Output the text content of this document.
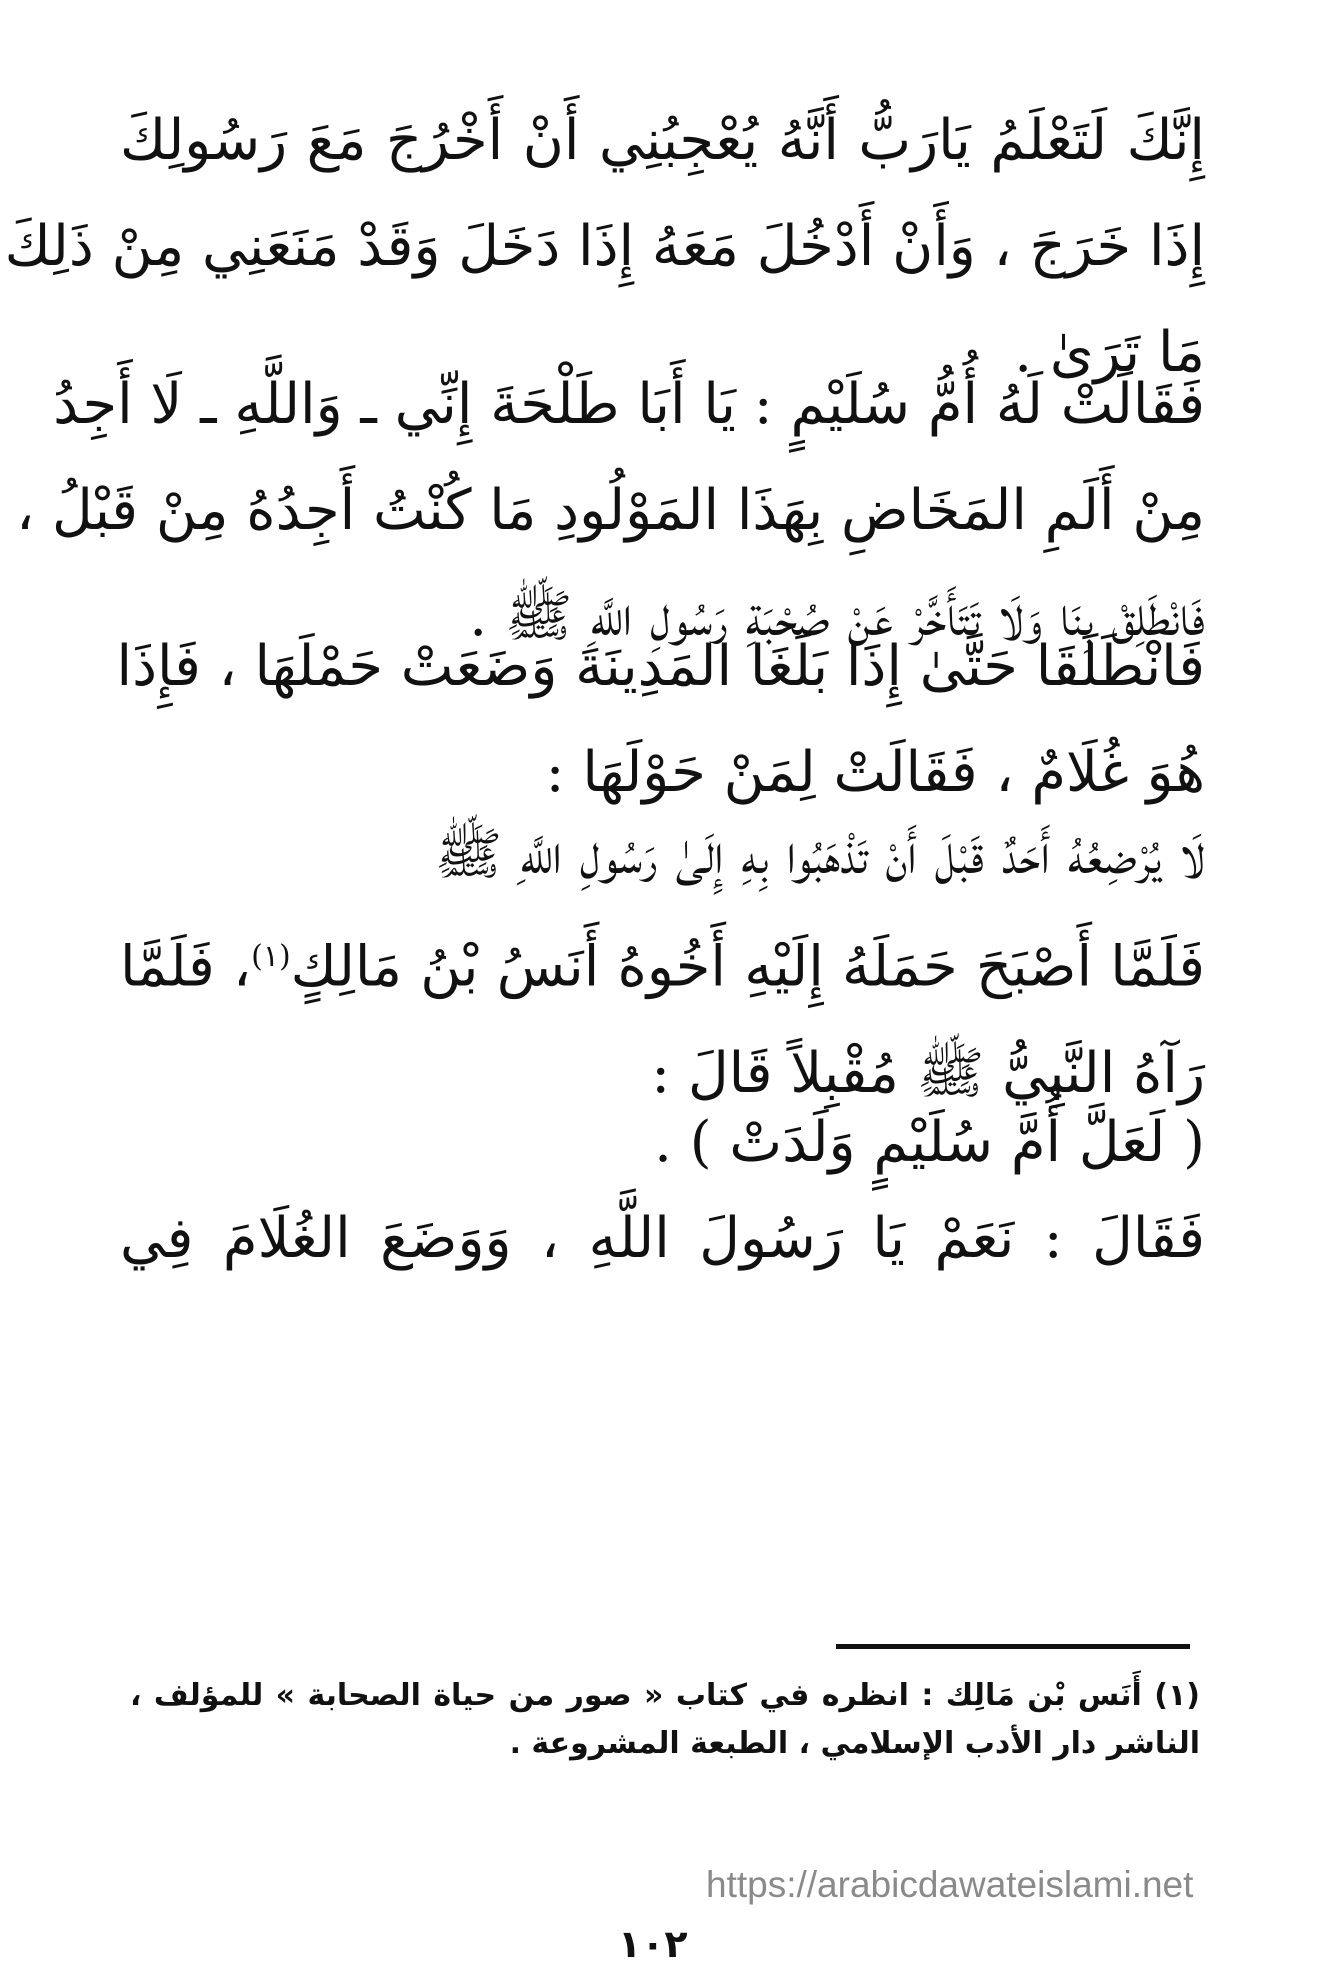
إِنَّكَ لَتَعْلَمُ يَارَبُّ أَنَّهُ يُعْجِبُنِي أَنْ أَخْرُجَ مَعَ رَسُولِكَ
إِذَا خَرَجَ ، وَأَنْ أَدْخُلَ مَعَهُ إِذَا دَخَلَ وَقَدْ مَنَعَنِي مِنْ ذَلِكَ
مَا تَرَىٰ .
فَقَالَتْ لَهُ أُمُّ سُلَيْمٍ : يَا أَبَا طَلْحَةَ إِنِّي ـ وَاللَّهِ ـ لَا أَجِدُ
مِنْ أَلَمِ المَخَاضِ بِهَذَا المَوْلُودِ مَا كُنْتُ أَجِدُهُ مِنْ قَبْلُ ،
فَانْطَلِقْ بِنَا وَلَا تَتَأَخَّرْ عَنْ صُحْبَةِ رَسُولِ اللَّهِ ﷺ .
فَانْطَلَقَا حَتَّىٰ إِذَا بَلَغَا المَدِينَةَ وَضَعَتْ حَمْلَهَا ، فَإِذَا
هُوَ غُلَامٌ ، فَقَالَتْ لِمَنْ حَوْلَهَا :
لَا يُرْضِعُهُ أَحَدٌ قَبْلَ أَنْ تَذْهَبُوا بِهِ إِلَىٰ رَسُولِ اللَّهِ ﷺ
فَلَمَّا أَصْبَحَ حَمَلَهُ إِلَيْهِ أَخُوهُ أَنَسُ بْنُ مَالِكٍ$^{(١)}$، فَلَمَّا
رَآهُ النَّبِيُّ ﷺ مُقْبِلاً قَالَ :
( لَعَلَّ أُمَّ سُلَيْمٍ وَلَدَتْ ) .
فَقَالَ : نَعَمْ يَا رَسُولَ اللَّهِ ، وَوَضَعَ الغُلَامَ فِي
(١) أَنَس بْن مَالِك : انظره في كتاب « صور من حياة الصحابة » للمؤلف ،
الناشر دار الأدب الإسلامي ، الطبعة المشروعة .
https://arabicdawateislami.net
١٠٢
